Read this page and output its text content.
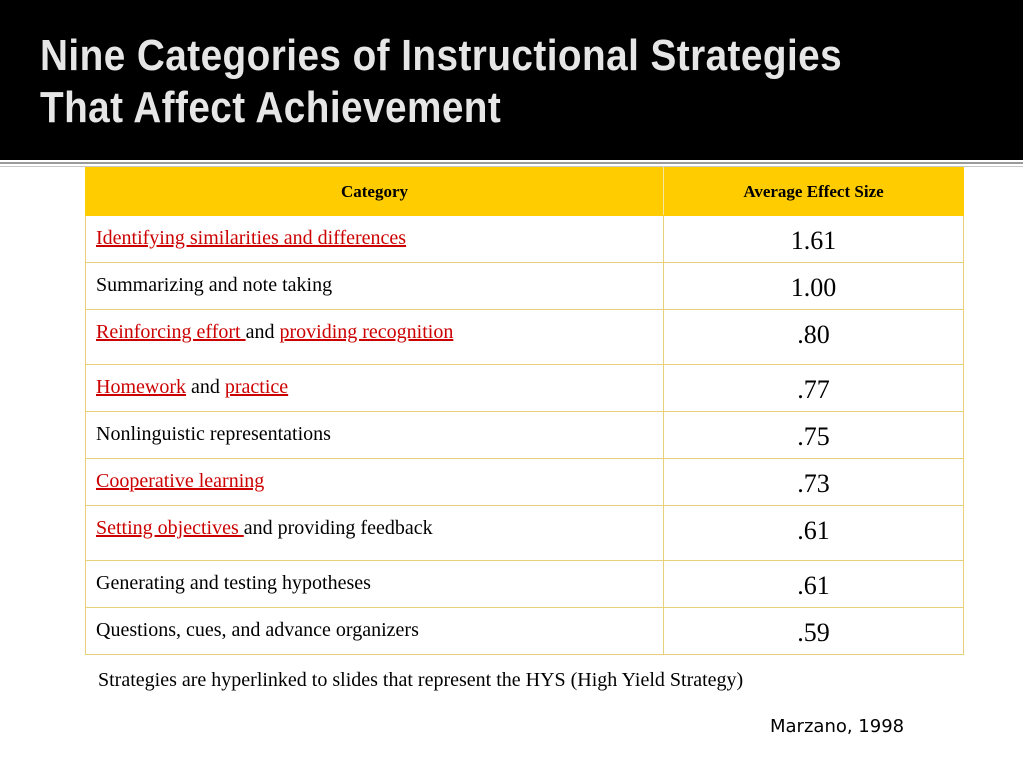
Nine Categories of Instructional Strategies
That Affect Achievement
Category	Average Effect Size
Identifying similarities and differences	1.61
Summarizing and note taking	1.00
Reinforcing effort and providing recognition	.80
Homework and practice	.77
Nonlinguistic representations	.75
Cooperative learning	.73
Setting objectives and providing feedback	.61
Generating and testing hypotheses	.61
Questions, cues, and advance organizers	.59
Strategies are hyperlinked to slides that represent the HYS (High Yield Strategy)
Marzano, 1998
